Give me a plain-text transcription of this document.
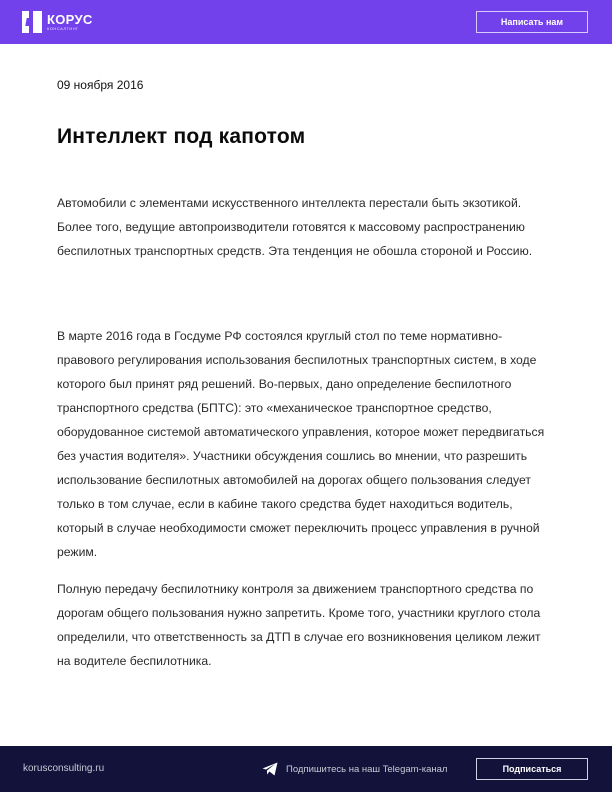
КОРУС
КОНСАЛТИНГ
Написать нам
09 ноября 2016
Интеллект под капотом

Автомобили с элементами искусственного интеллекта перестали быть экзотикой. Более того, ведущие автопроизводители готовятся к массовому распространению беспилотных транспортных средств. Эта тенденция не обошла стороной и Россию.

В марте 2016 года в Госдуме РФ состоялся круглый стол по теме нормативно-правового регулирования использования беспилотных транспортных систем, в ходе которого был принят ряд решений. Во-первых, дано определение беспилотного транспортного средства (БПТС): это «механическое транспортное средство, оборудованное системой автоматического управления, которое может передвигаться без участия водителя». Участники обсуждения сошлись во мнении, что разрешить использование беспилотных автомобилей на дорогах общего пользования следует только в том случае, если в кабине такого средства будет находиться водитель, который в случае необходимости сможет переключить процесс управления в ручной режим.

Полную передачу беспилотнику контроля за движением транспортного средства по дорогам общего пользования нужно запретить. Кроме того, участники круглого стола определили, что ответственность за ДТП в случае его возникновения целиком лежит на водителе беспилотника.

korusconsulting.ru	Подпишитесь на наш Telegam-канал	Подписаться
